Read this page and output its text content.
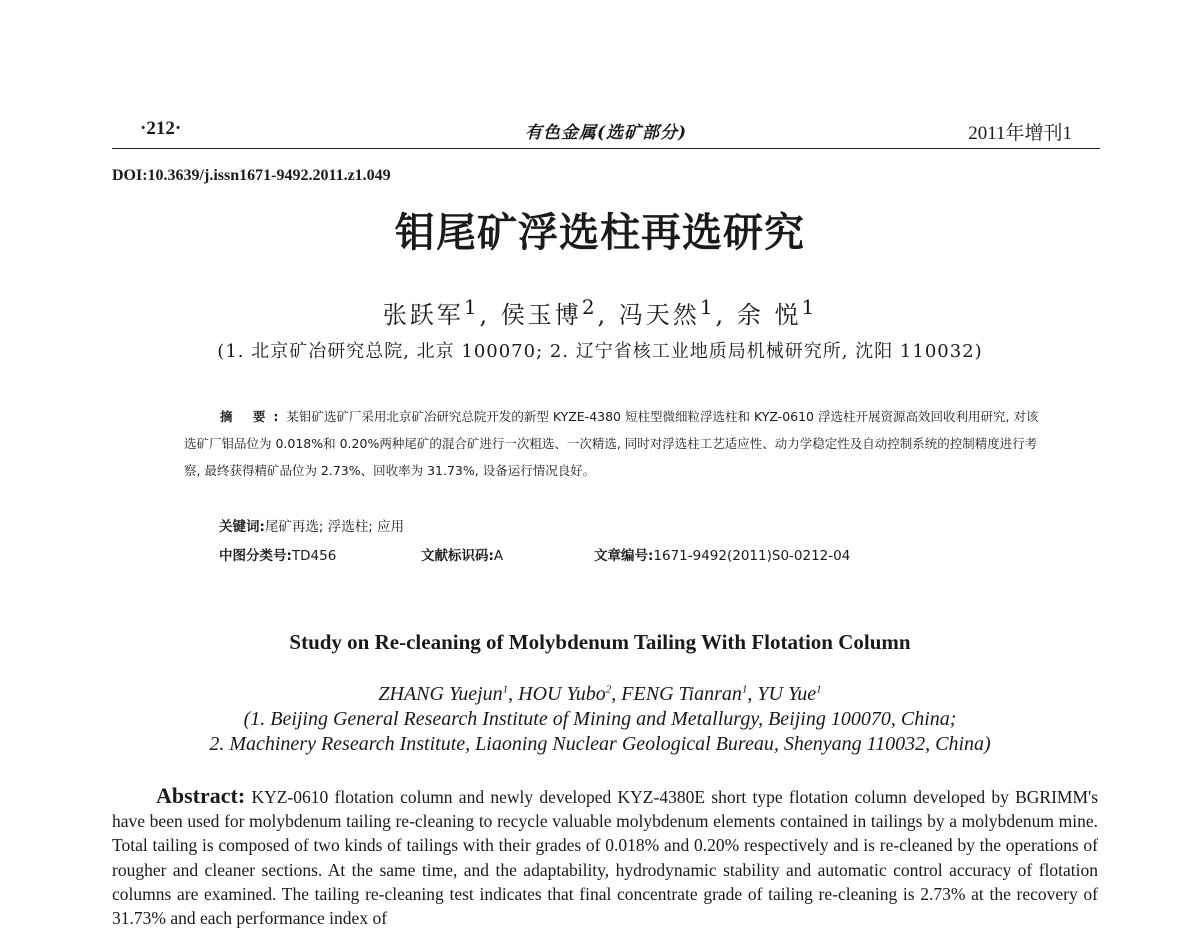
·212·	有色金属(选矿部分)	2011年增刊1
DOI:10.3639/j.issn1671-9492.2011.z1.049
钼尾矿浮选柱再选研究
张跃军$^1$, 侯玉博$^2$, 冯天然$^1$, 余 悦$^1$
(1. 北京矿冶研究总院, 北京 100070; 2. 辽宁省核工业地质局机械研究所, 沈阳 110032)

摘 要:某钼矿选矿厂采用北京矿冶研究总院开发的新型 KYZE-4380 短柱型微细粒浮选柱和 KYZ-0610 浮选柱开展资源高效回收利用研究, 对该选矿厂钼品位为 0.018%和 0.20%两种尾矿的混合矿进行一次粗选、一次精选, 同时对浮选柱工艺适应性、动力学稳定性及自动控制系统的控制精度进行考察, 最终获得精矿品位为 2.73%、回收率为 31.73%, 设备运行情况良好。

关键词:尾矿再选; 浮选柱; 应用
中图分类号:TD456	文献标识码:A	文章编号:1671-9492(2011)S0-0212-04
Study on Re-cleaning of Molybdenum Tailing With Flotation Column
ZHANG Yuejun$^1$, HOU Yubo$^2$, FENG Tianran$^1$, YU Yue$^1$
(1. Beijing General Research Institute of Mining and Metallurgy, Beijing 100070, China;
2. Machinery Research Institute, Liaoning Nuclear Geological Bureau, Shenyang 110032, China)

Abstract: KYZ-0610 flotation column and newly developed KYZ-4380E short type flotation column developed by BGRIMM's have been used for molybdenum tailing re-cleaning to recycle valuable molybdenum elements contained in tailings by a molybdenum mine. Total tailing is composed of two kinds of tailings with their grades of 0.018% and 0.20% respectively and is re-cleaned by the operations of rougher and cleaner sections. At the same time, and the adaptability, hydrodynamic stability and automatic control accuracy of flotation columns are examined. The tailing re-cleaning test indicates that final concentrate grade of tailing re-cleaning is 2.73% at the recovery of 31.73% and each performance index of
